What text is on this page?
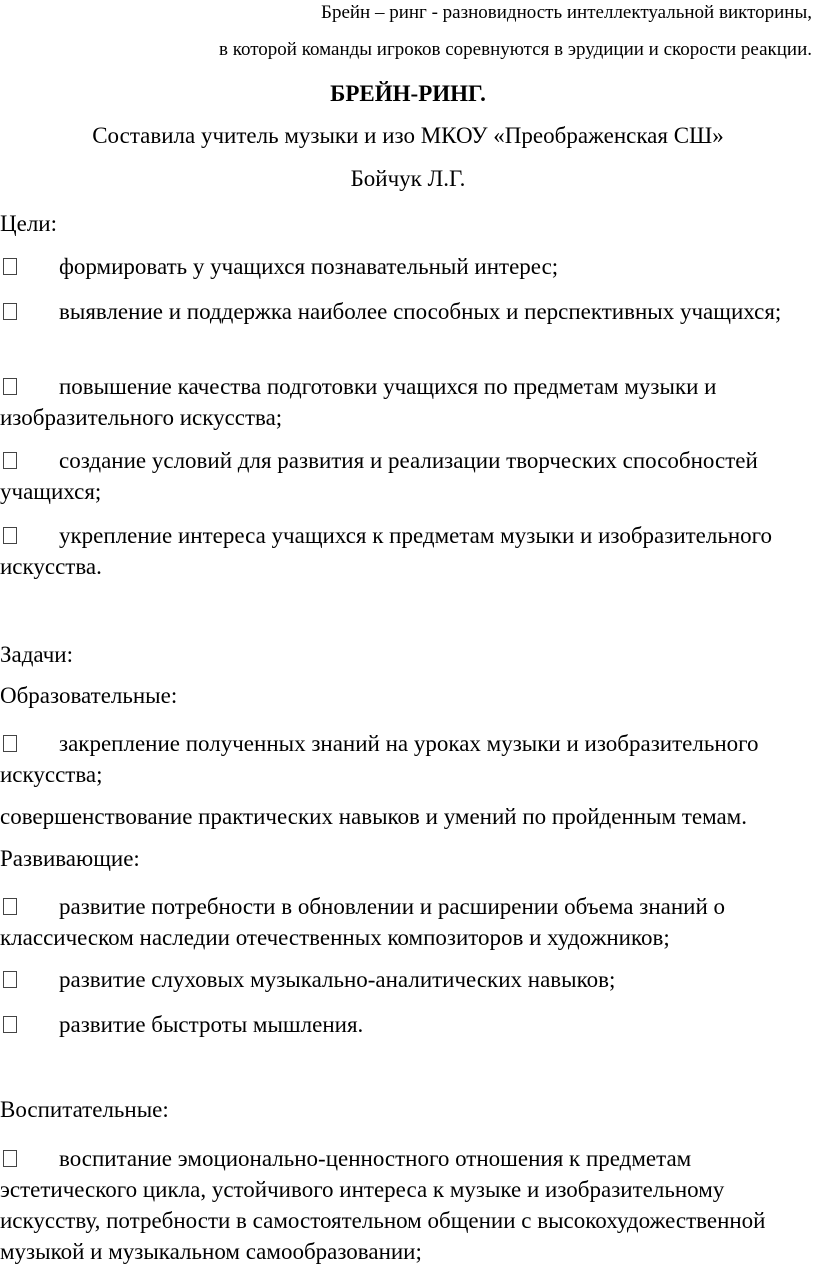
Брейн – ринг - разновидность интеллектуальной викторины,
в которой команды игроков соревнуются в эрудиции и скорости реакции.
БРЕЙН-РИНГ.
Составила учитель музыки и изо МКОУ «Преображенская СШ»
Бойчук Л.Г.
Цели:
формировать у учащихся познавательный интерес;
выявление и поддержка наиболее способных и перспективных учащихся;
повышение качества подготовки учащихся по предметам музыки и изобразительного искусства;
создание условий для развития и реализации творческих способностей учащихся;
укрепление интереса учащихся к предметам музыки и изобразительного искусства.
Задачи:
Образовательные:
закрепление полученных знаний на уроках музыки и изобразительного искусства;
совершенствование практических навыков и умений по пройденным темам.
Развивающие:
развитие потребности в обновлении и расширении объема знаний о классическом наследии отечественных композиторов и художников;
развитие слуховых музыкально-аналитических навыков;
развитие быстроты мышления.
Воспитательные:
воспитание эмоционально-ценностного отношения к предметам эстетического цикла, устойчивого интереса к музыке и изобразительному искусству, потребности в самостоятельном общении с высокохудожественной музыкой и музыкальном самообразовании;
